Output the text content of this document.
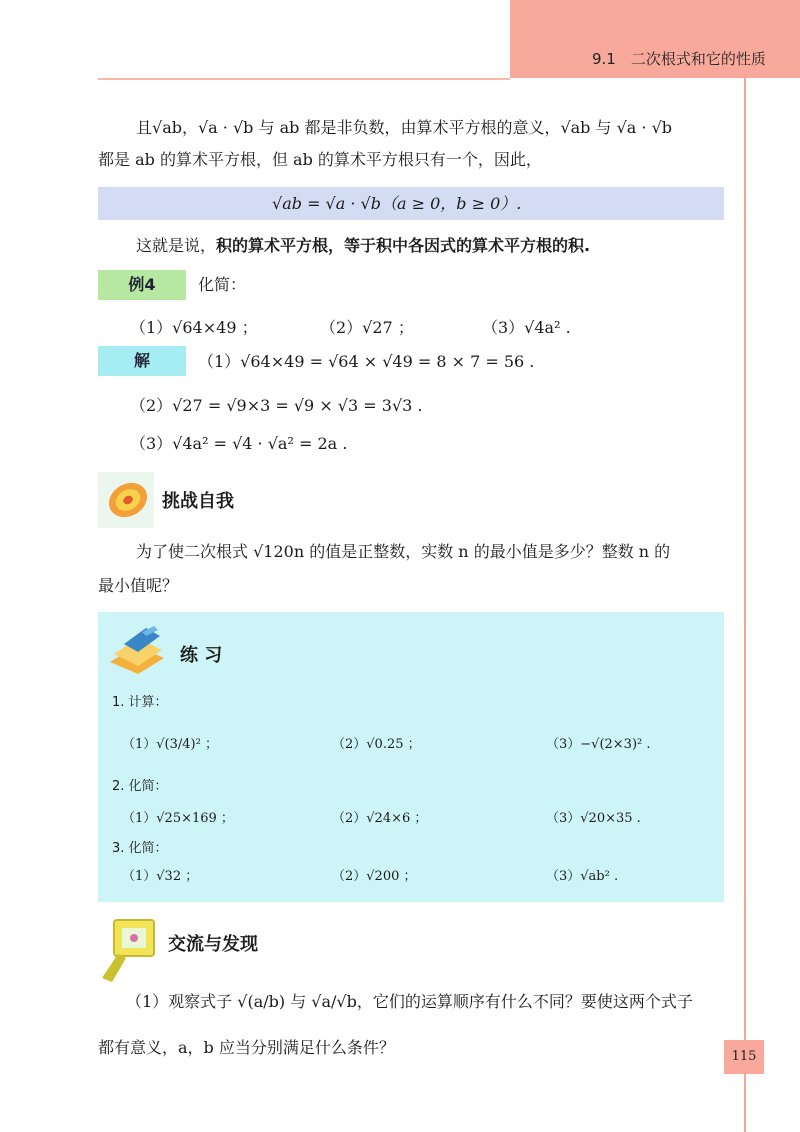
9.1　二次根式和它的性质
且√ab，√a · √b 与 ab 都是非负数，由算术平方根的意义，√ab 与 √a · √b
都是 ab 的算术平方根，但 ab 的算术平方根只有一个，因此，
√ab = √a · √b（a ≥ 0，b ≥ 0）.
这就是说，积的算术平方根，等于积中各因式的算术平方根的积.
例4	化简：
（1）√64×49 ；	（2）√27 ；	（3）√4a² .
解	（1）√64×49 = √64 × √49 = 8 × 7 = 56 .
（2）√27 = √9×3 = √9 × √3 = 3√3 .
（3）√4a² = √4 · √a² = 2a .
挑战自我
为了使二次根式 √120n 的值是正整数，实数 n 的最小值是多少？整数 n 的
最小值呢？
练 习
1. 计算：
（1）√(3/4)² ；	（2）√0.25 ；	（3）−√(2×3)² .
2. 化简：
（1）√25×169 ；	（2）√24×6 ；	（3）√20×35 .
3. 化简：
（1）√32 ；	（2）√200 ；	（3）√ab² .
交流与发现
（1）观察式子 √(a/b) 与 √a/√b，它们的运算顺序有什么不同？要使这两个式子
都有意义，a，b 应当分别满足什么条件？	115
